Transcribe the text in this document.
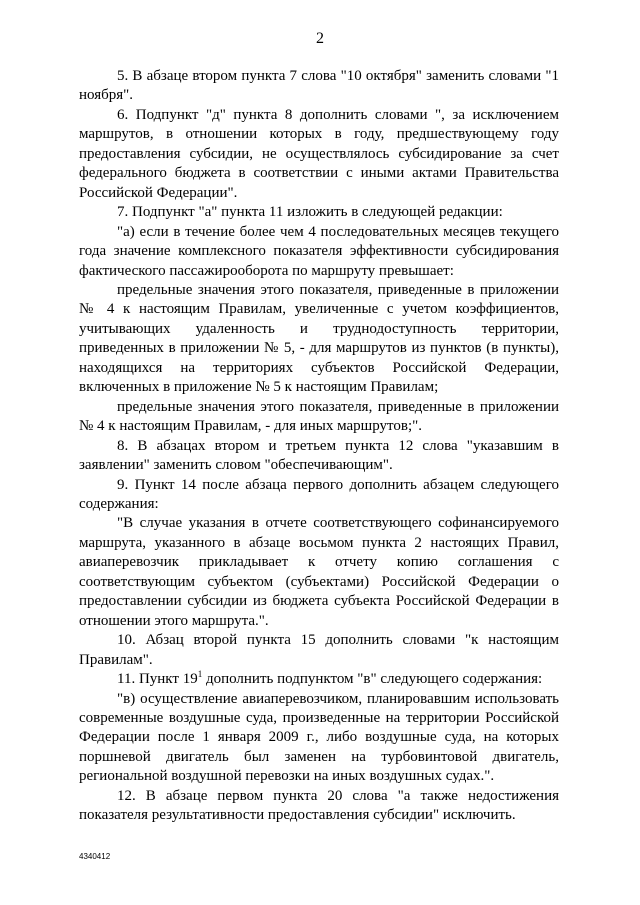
2

5. В абзаце втором пункта 7 слова "10 октября" заменить словами "1 ноября".

6. Подпункт "д" пункта 8 дополнить словами ", за исключением маршрутов, в отношении которых в году, предшествующему году предоставления субсидии, не осуществлялось субсидирование за счет федерального бюджета в соответствии с иными актами Правительства Российской Федерации".

7. Подпункт "а" пункта 11 изложить в следующей редакции:

"а) если в течение более чем 4 последовательных месяцев текущего года значение комплексного показателя эффективности субсидирования фактического пассажирооборота по маршруту превышает:

предельные значения этого показателя, приведенные в приложении № 4 к настоящим Правилам, увеличенные с учетом коэффициентов, учитывающих удаленность и труднодоступность территории, приведенных в приложении № 5, - для маршрутов из пунктов (в пункты), находящихся на территориях субъектов Российской Федерации, включенных в приложение № 5 к настоящим Правилам;

предельные значения этого показателя, приведенные в приложении № 4 к настоящим Правилам, - для иных маршрутов;".

8. В абзацах втором и третьем пункта 12 слова "указавшим в заявлении" заменить словом "обеспечивающим".

9. Пункт 14 после абзаца первого дополнить абзацем следующего содержания:

"В случае указания в отчете соответствующего софинансируемого маршрута, указанного в абзаце восьмом пункта 2 настоящих Правил, авиаперевозчик прикладывает к отчету копию соглашения с соответствующим субъектом (субъектами) Российской Федерации о предоставлении субсидии из бюджета субъекта Российской Федерации в отношении этого маршрута.".

10. Абзац второй пункта 15 дополнить словами "к настоящим Правилам".

11. Пункт $19^1$ дополнить подпунктом "в" следующего содержания:

"в) осуществление авиаперевозчиком, планировавшим использовать современные воздушные суда, произведенные на территории Российской Федерации после 1 января 2009 г., либо воздушные суда, на которых поршневой двигатель был заменен на турбовинтовой двигатель, региональной воздушной перевозки на иных воздушных судах.".

12. В абзаце первом пункта 20 слова "а также недостижения показателя результативности предоставления субсидии" исключить.

4340412
